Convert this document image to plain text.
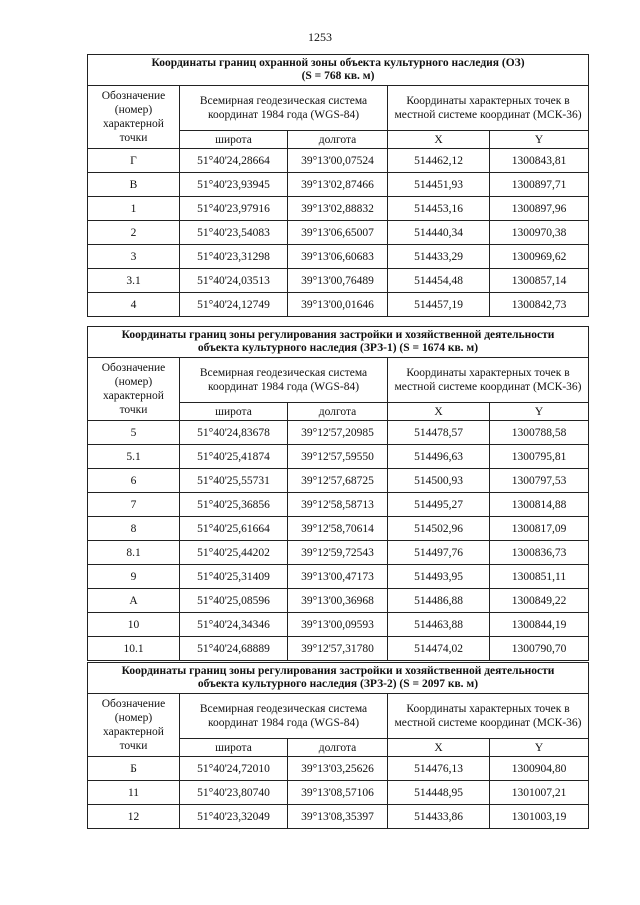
1253
Координаты границ охранной зоны объекта культурного наследия (ОЗ)
(S = 768 кв. м)				
Обозначение (номер) характерной точки	Всемирная геодезическая система координат 1984 года (WGS-84)		Координаты характерных точек в местной системе координат (МСК-36)	
	широта	долгота	X	Y
Г	51°40'24,28664	39°13'00,07524	514462,12	1300843,81
В	51°40'23,93945	39°13'02,87466	514451,93	1300897,71
1	51°40'23,97916	39°13'02,88832	514453,16	1300897,96
2	51°40'23,54083	39°13'06,65007	514440,34	1300970,38
3	51°40'23,31298	39°13'06,60683	514433,29	1300969,62
3.1	51°40'24,03513	39°13'00,76489	514454,48	1300857,14
4	51°40'24,12749	39°13'00,01646	514457,19	1300842,73
Координаты границ зоны регулирования застройки и хозяйственной деятельности
объекта культурного наследия (ЗРЗ-1) (S = 1674 кв. м)				
Обозначение (номер) характерной точки	Всемирная геодезическая система координат 1984 года (WGS-84)		Координаты характерных точек в местной системе координат (МСК-36)	
	широта	долгота	X	Y
5	51°40'24,83678	39°12'57,20985	514478,57	1300788,58
5.1	51°40'25,41874	39°12'57,59550	514496,63	1300795,81
6	51°40'25,55731	39°12'57,68725	514500,93	1300797,53
7	51°40'25,36856	39°12'58,58713	514495,27	1300814,88
8	51°40'25,61664	39°12'58,70614	514502,96	1300817,09
8.1	51°40'25,44202	39°12'59,72543	514497,76	1300836,73
9	51°40'25,31409	39°13'00,47173	514493,95	1300851,11
А	51°40'25,08596	39°13'00,36968	514486,88	1300849,22
10	51°40'24,34346	39°13'00,09593	514463,88	1300844,19
10.1	51°40'24,68889	39°12'57,31780	514474,02	1300790,70
Координаты границ зоны регулирования застройки и хозяйственной деятельности
объекта культурного наследия (ЗРЗ-2) (S = 2097 кв. м)				
Обозначение (номер) характерной точки	Всемирная геодезическая система координат 1984 года (WGS-84)		Координаты характерных точек в местной системе координат (МСК-36)	
	широта	долгота	X	Y
Б	51°40'24,72010	39°13'03,25626	514476,13	1300904,80
11	51°40'23,80740	39°13'08,57106	514448,95	1301007,21
12	51°40'23,32049	39°13'08,35397	514433,86	1301003,19
